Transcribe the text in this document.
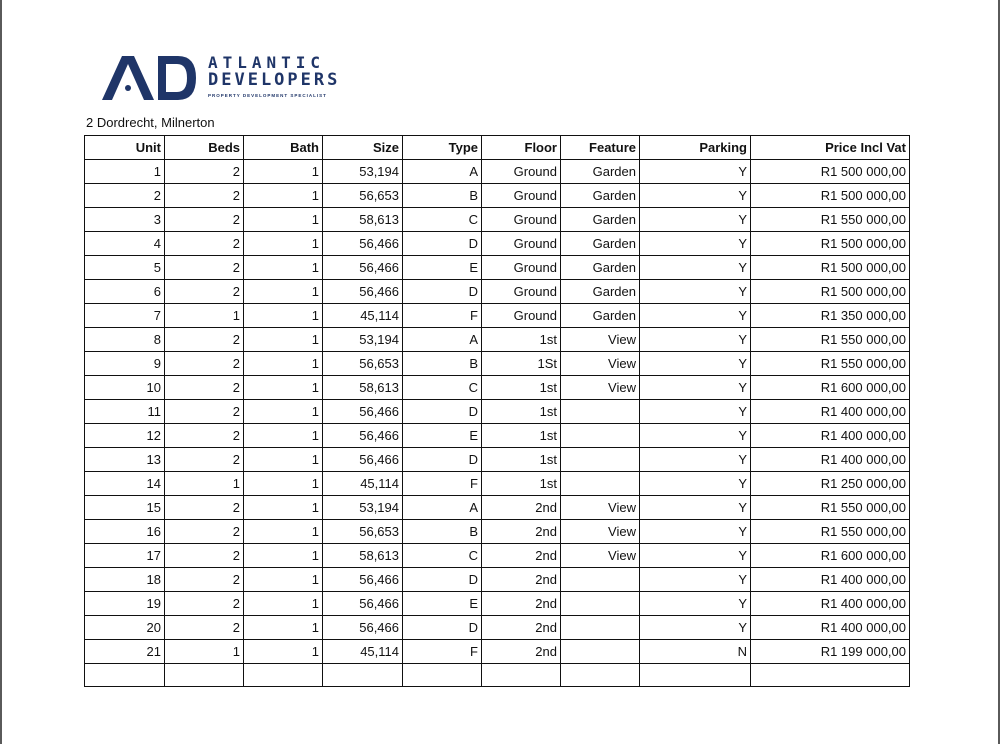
ATLANTIC
DEVELOPERS
PROPERTY DEVELOPMENT SPECIALIST
2 Dordrecht, Milnerton
Unit	Beds	Bath	Size	Type	Floor	Feature	Parking	Price Incl Vat
1	2	1	53,194	A	Ground	Garden	Y	R1 500 000,00
2	2	1	56,653	B	Ground	Garden	Y	R1 500 000,00
3	2	1	58,613	C	Ground	Garden	Y	R1 550 000,00
4	2	1	56,466	D	Ground	Garden	Y	R1 500 000,00
5	2	1	56,466	E	Ground	Garden	Y	R1 500 000,00
6	2	1	56,466	D	Ground	Garden	Y	R1 500 000,00
7	1	1	45,114	F	Ground	Garden	Y	R1 350 000,00
8	2	1	53,194	A	1st	View	Y	R1 550 000,00
9	2	1	56,653	B	1St	View	Y	R1 550 000,00
10	2	1	58,613	C	1st	View	Y	R1 600 000,00
11	2	1	56,466	D	1st		Y	R1 400 000,00
12	2	1	56,466	E	1st		Y	R1 400 000,00
13	2	1	56,466	D	1st		Y	R1 400 000,00
14	1	1	45,114	F	1st		Y	R1 250 000,00
15	2	1	53,194	A	2nd	View	Y	R1 550 000,00
16	2	1	56,653	B	2nd	View	Y	R1 550 000,00
17	2	1	58,613	C	2nd	View	Y	R1 600 000,00
18	2	1	56,466	D	2nd		Y	R1 400 000,00
19	2	1	56,466	E	2nd		Y	R1 400 000,00
20	2	1	56,466	D	2nd		Y	R1 400 000,00
21	1	1	45,114	F	2nd		N	R1 199 000,00
